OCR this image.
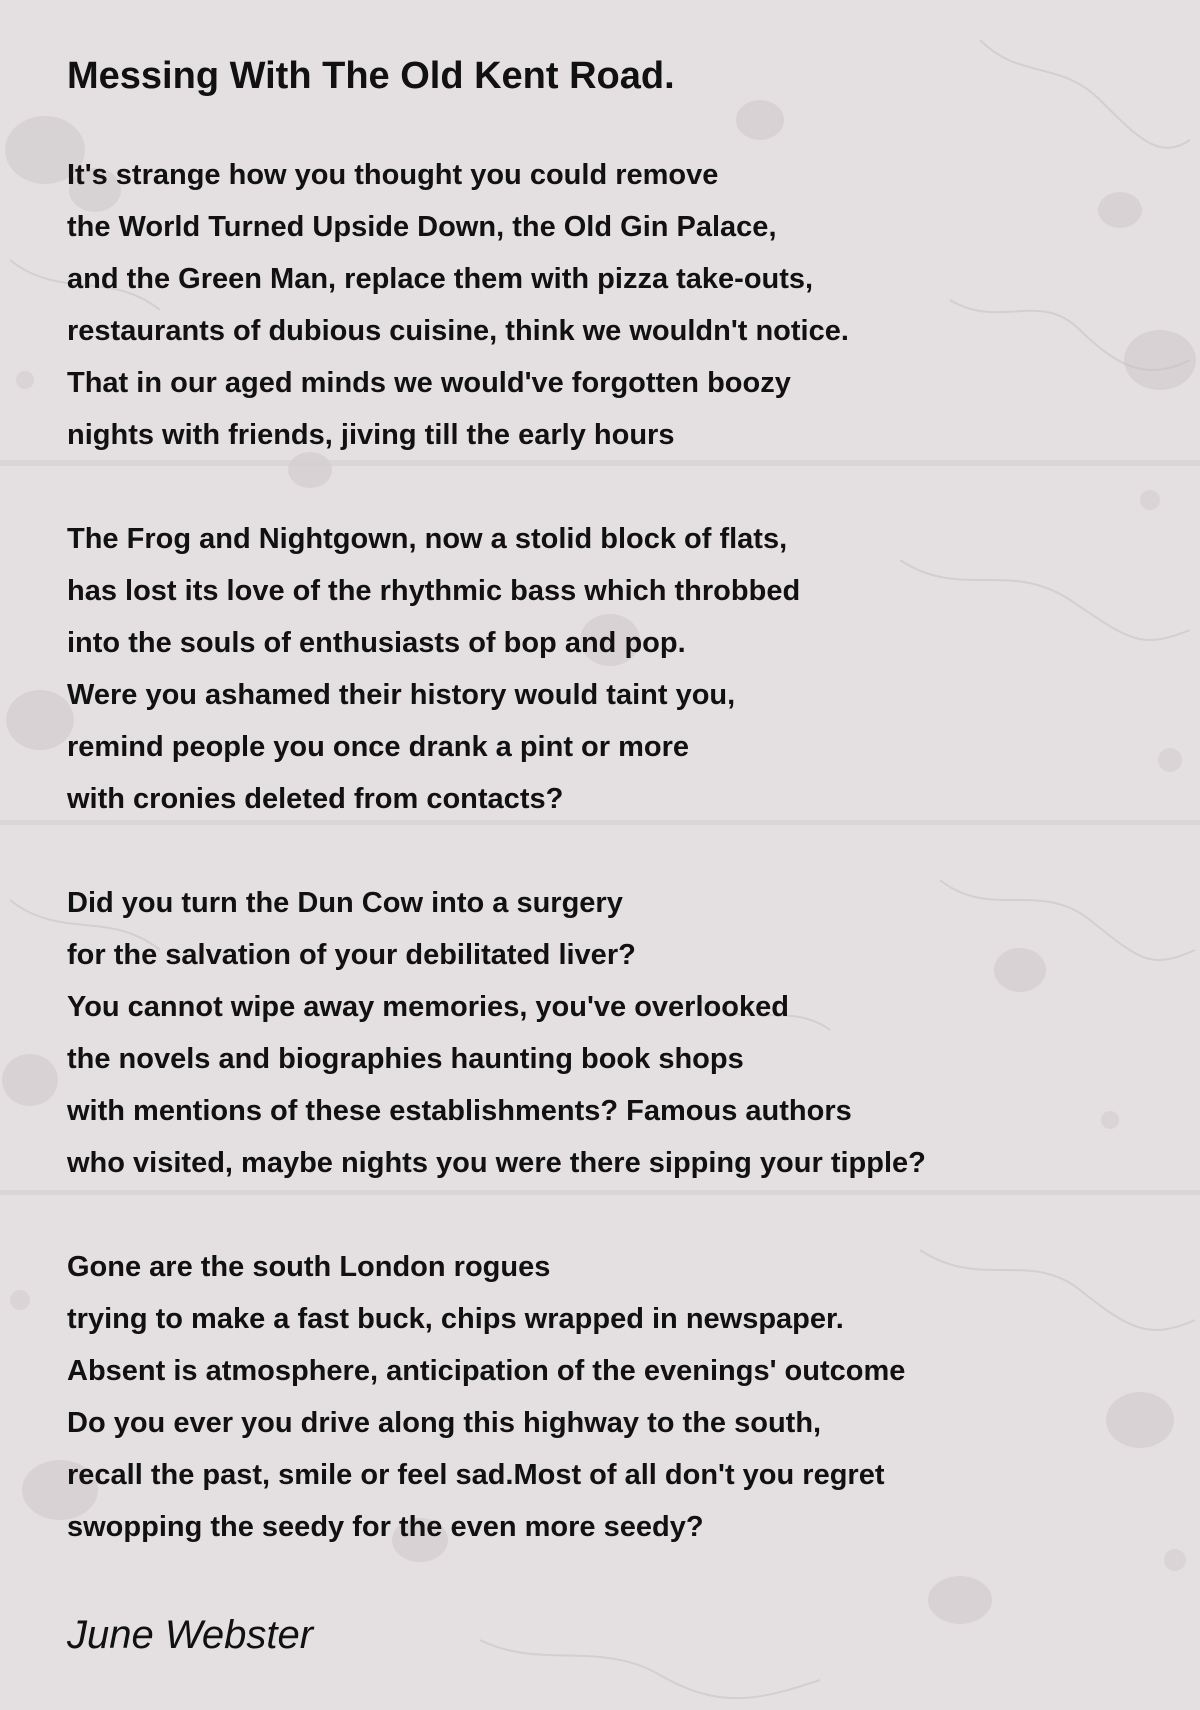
Messing With The Old Kent Road.
It's strange how you thought you could remove
the World Turned Upside Down, the Old Gin Palace,
and the Green Man, replace them with pizza take-outs,
restaurants of dubious cuisine, think we wouldn't notice.
That in our aged minds we would've forgotten boozy
nights with friends, jiving till the early hours
The Frog and Nightgown, now a stolid block of flats,
has lost its love of the rhythmic bass which throbbed
into the souls of enthusiasts of bop and pop.
Were you ashamed their history would taint you,
remind people you once drank a pint or more
with cronies deleted from contacts?
Did you turn the Dun Cow into a surgery
for the salvation of your debilitated liver?
You cannot wipe away memories, you've overlooked
the novels and biographies haunting book shops
with mentions of these establishments? Famous authors
who visited, maybe nights you were there sipping your tipple?
Gone are the south London rogues
trying to make a fast buck, chips wrapped in newspaper.
Absent is atmosphere, anticipation of the evenings' outcome
Do you ever you drive along this highway to the south,
recall the past, smile or feel sad.Most of all don't you regret
swopping the seedy for the even more seedy?
June Webster
